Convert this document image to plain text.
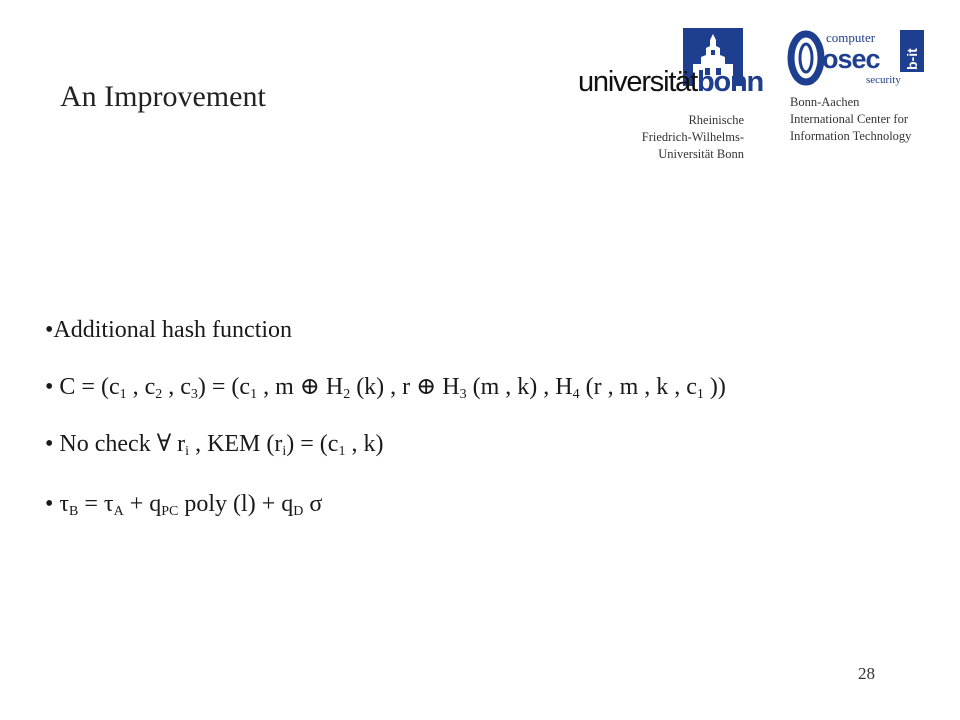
An Improvement	universitätbonn
Rheinische
Friedrich-Wilhelms-
Universität Bonn
computer
osec
security
b-it
Bonn-Aachen
International Center for
Information Technology
•Additional hash function
• $C = (c_1$ , $c_2$ , $c_3) = (c_1$ , m ⊕ $H_2$ (k) , r ⊕ $H_3$ (m , k) , $H_4$ (r , m , k , $c_1$ ))
• No check ∀ $r_i$ , KEM $(r_i) = (c_1$ , k)
• $\tau_B = \tau_A + q_{PC}$ poly $(l) + q_D$ σ
28
